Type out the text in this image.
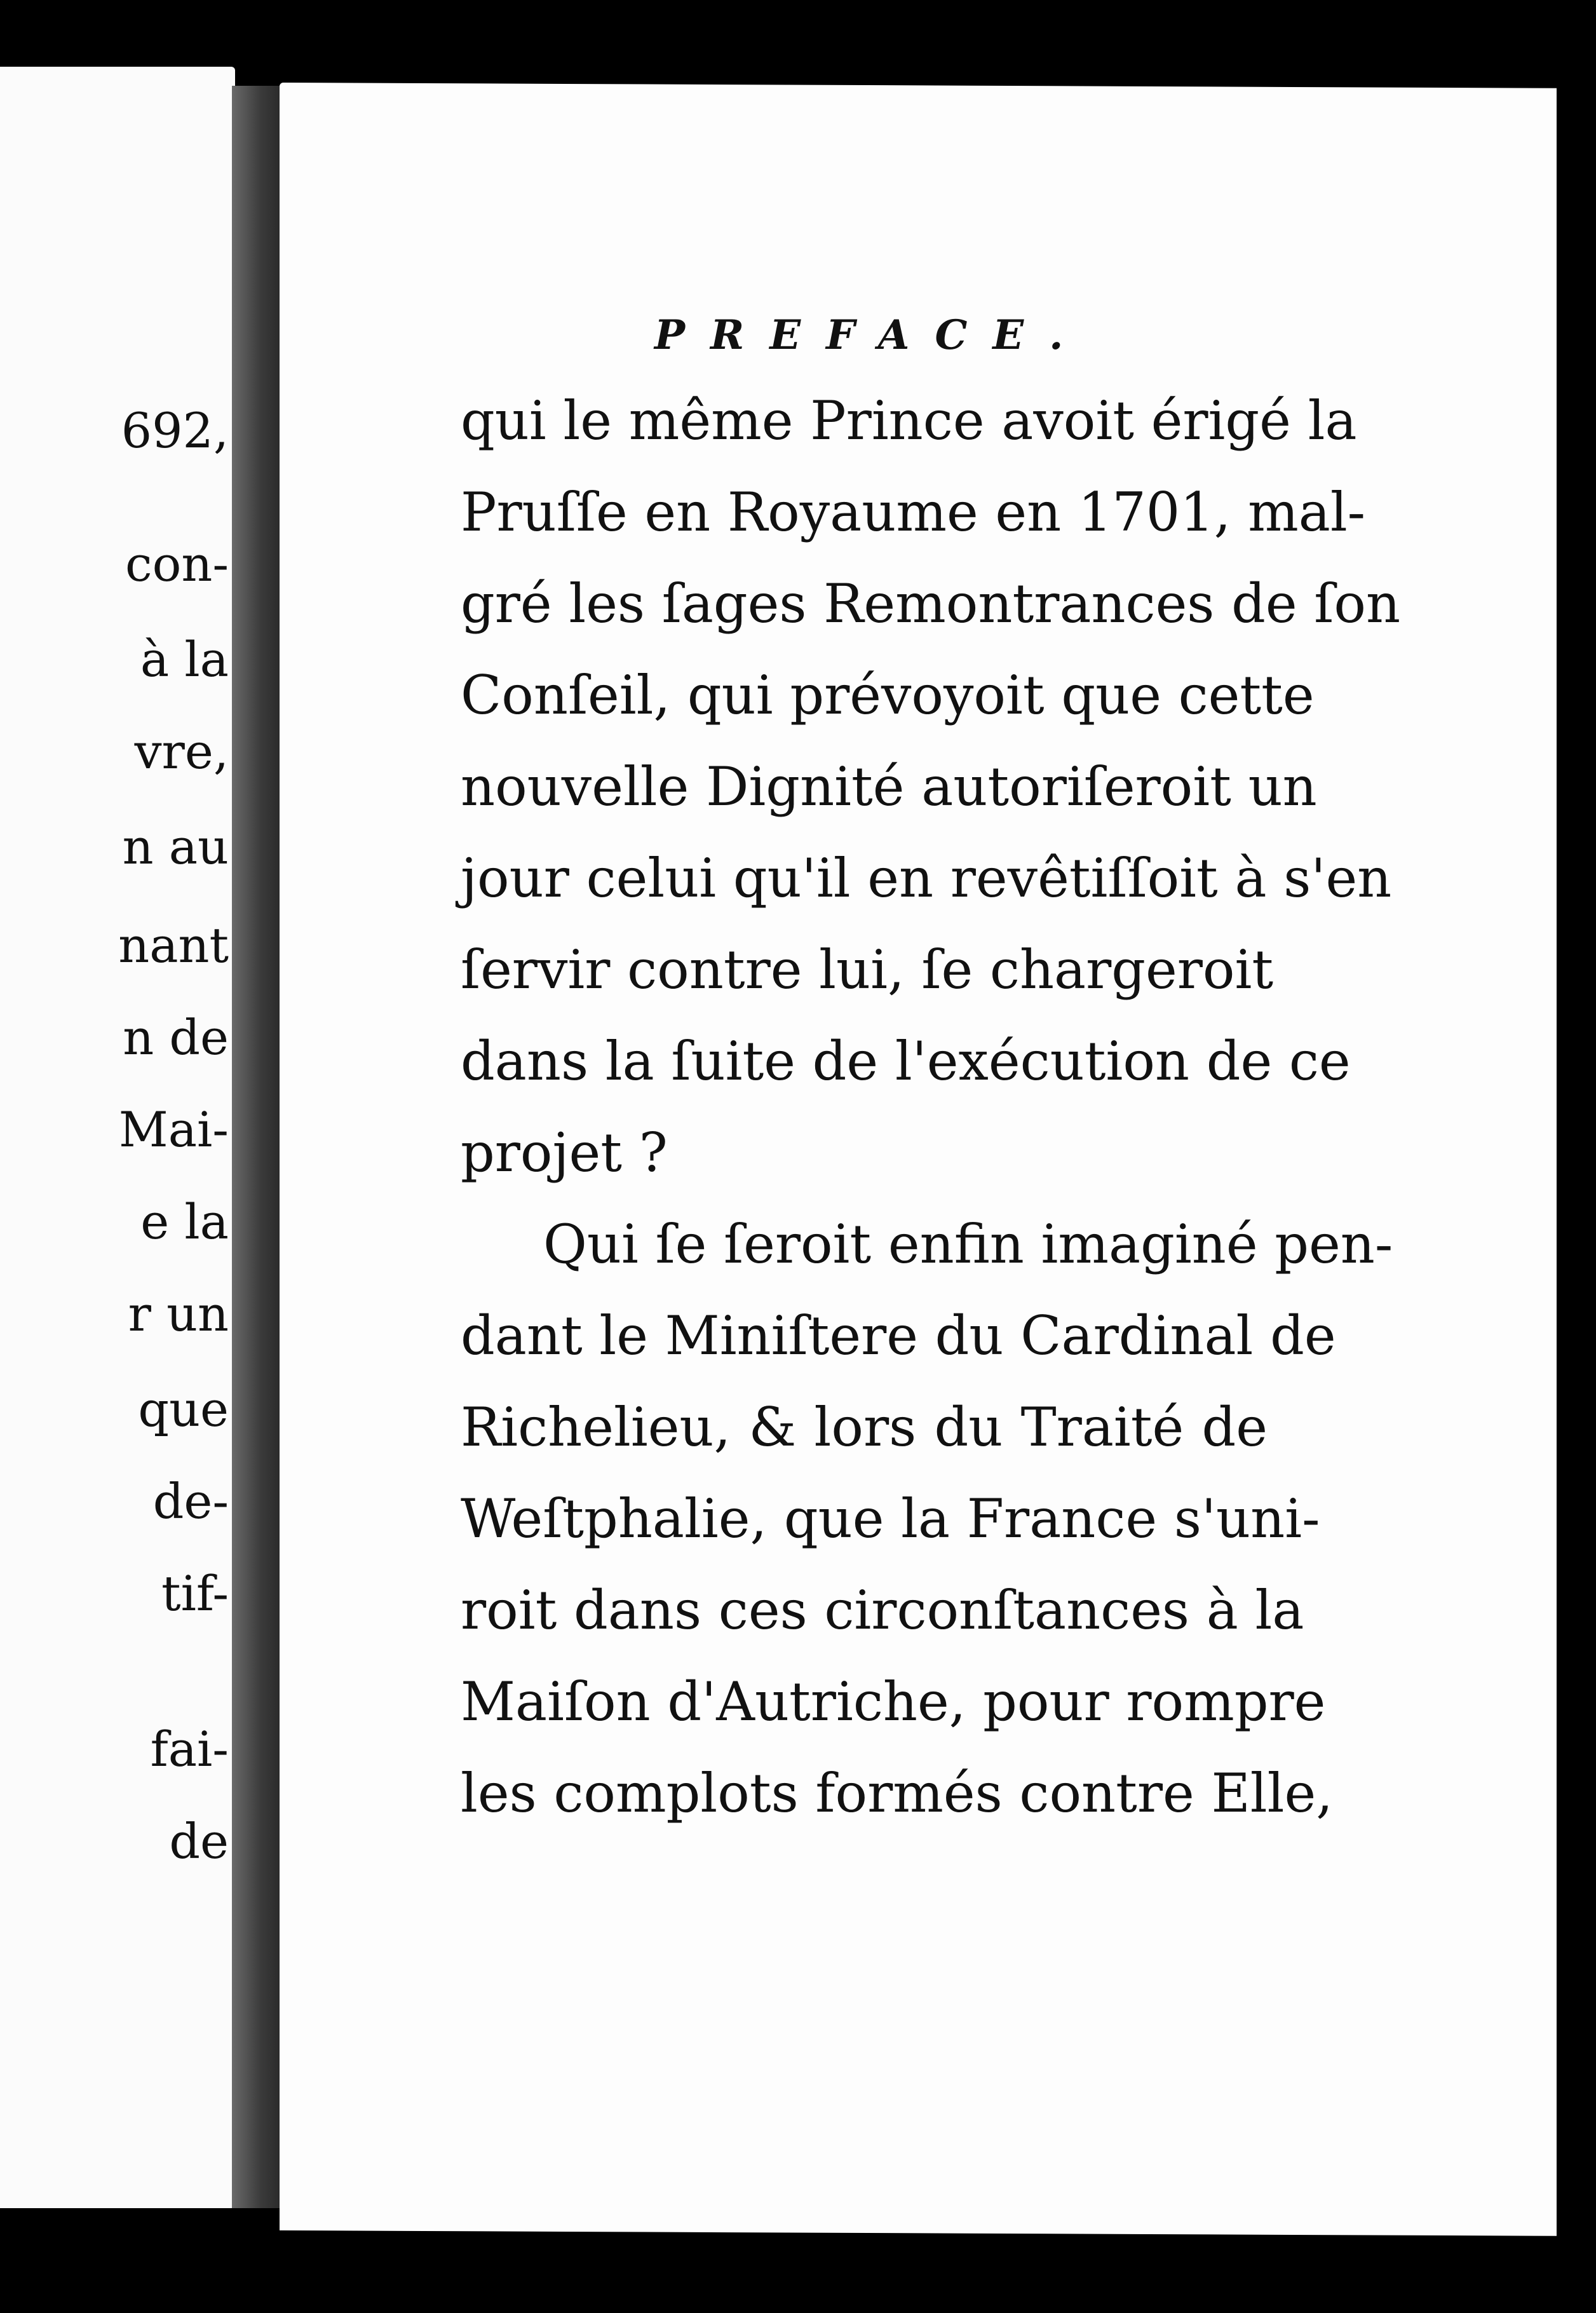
692,
con-
à la
vre,
n au
nant
n de
Mai-
e la
r un
que
de-
tif-
fai-
de
PREFACE.
qui le même Prince avoit érigé la
Pruſſe en Royaume en 1701, mal-
gré les ſages Remontrances de ſon
Conſeil, qui prévoyoit que cette
nouvelle Dignité autoriſeroit un
jour celui qu'il en revêtiſſoit à s'en
ſervir contre lui, ſe chargeroit
dans la ſuite de l'exécution de ce
projet ?
Qui ſe ſeroit enfin imaginé pen-
dant le Miniſtere du Cardinal de
Richelieu, & lors du Traité de
Weſtphalie, que la France s'uni-
roit dans ces circonſtances à la
Maiſon d'Autriche, pour rompre
les complots formés contre Elle,
